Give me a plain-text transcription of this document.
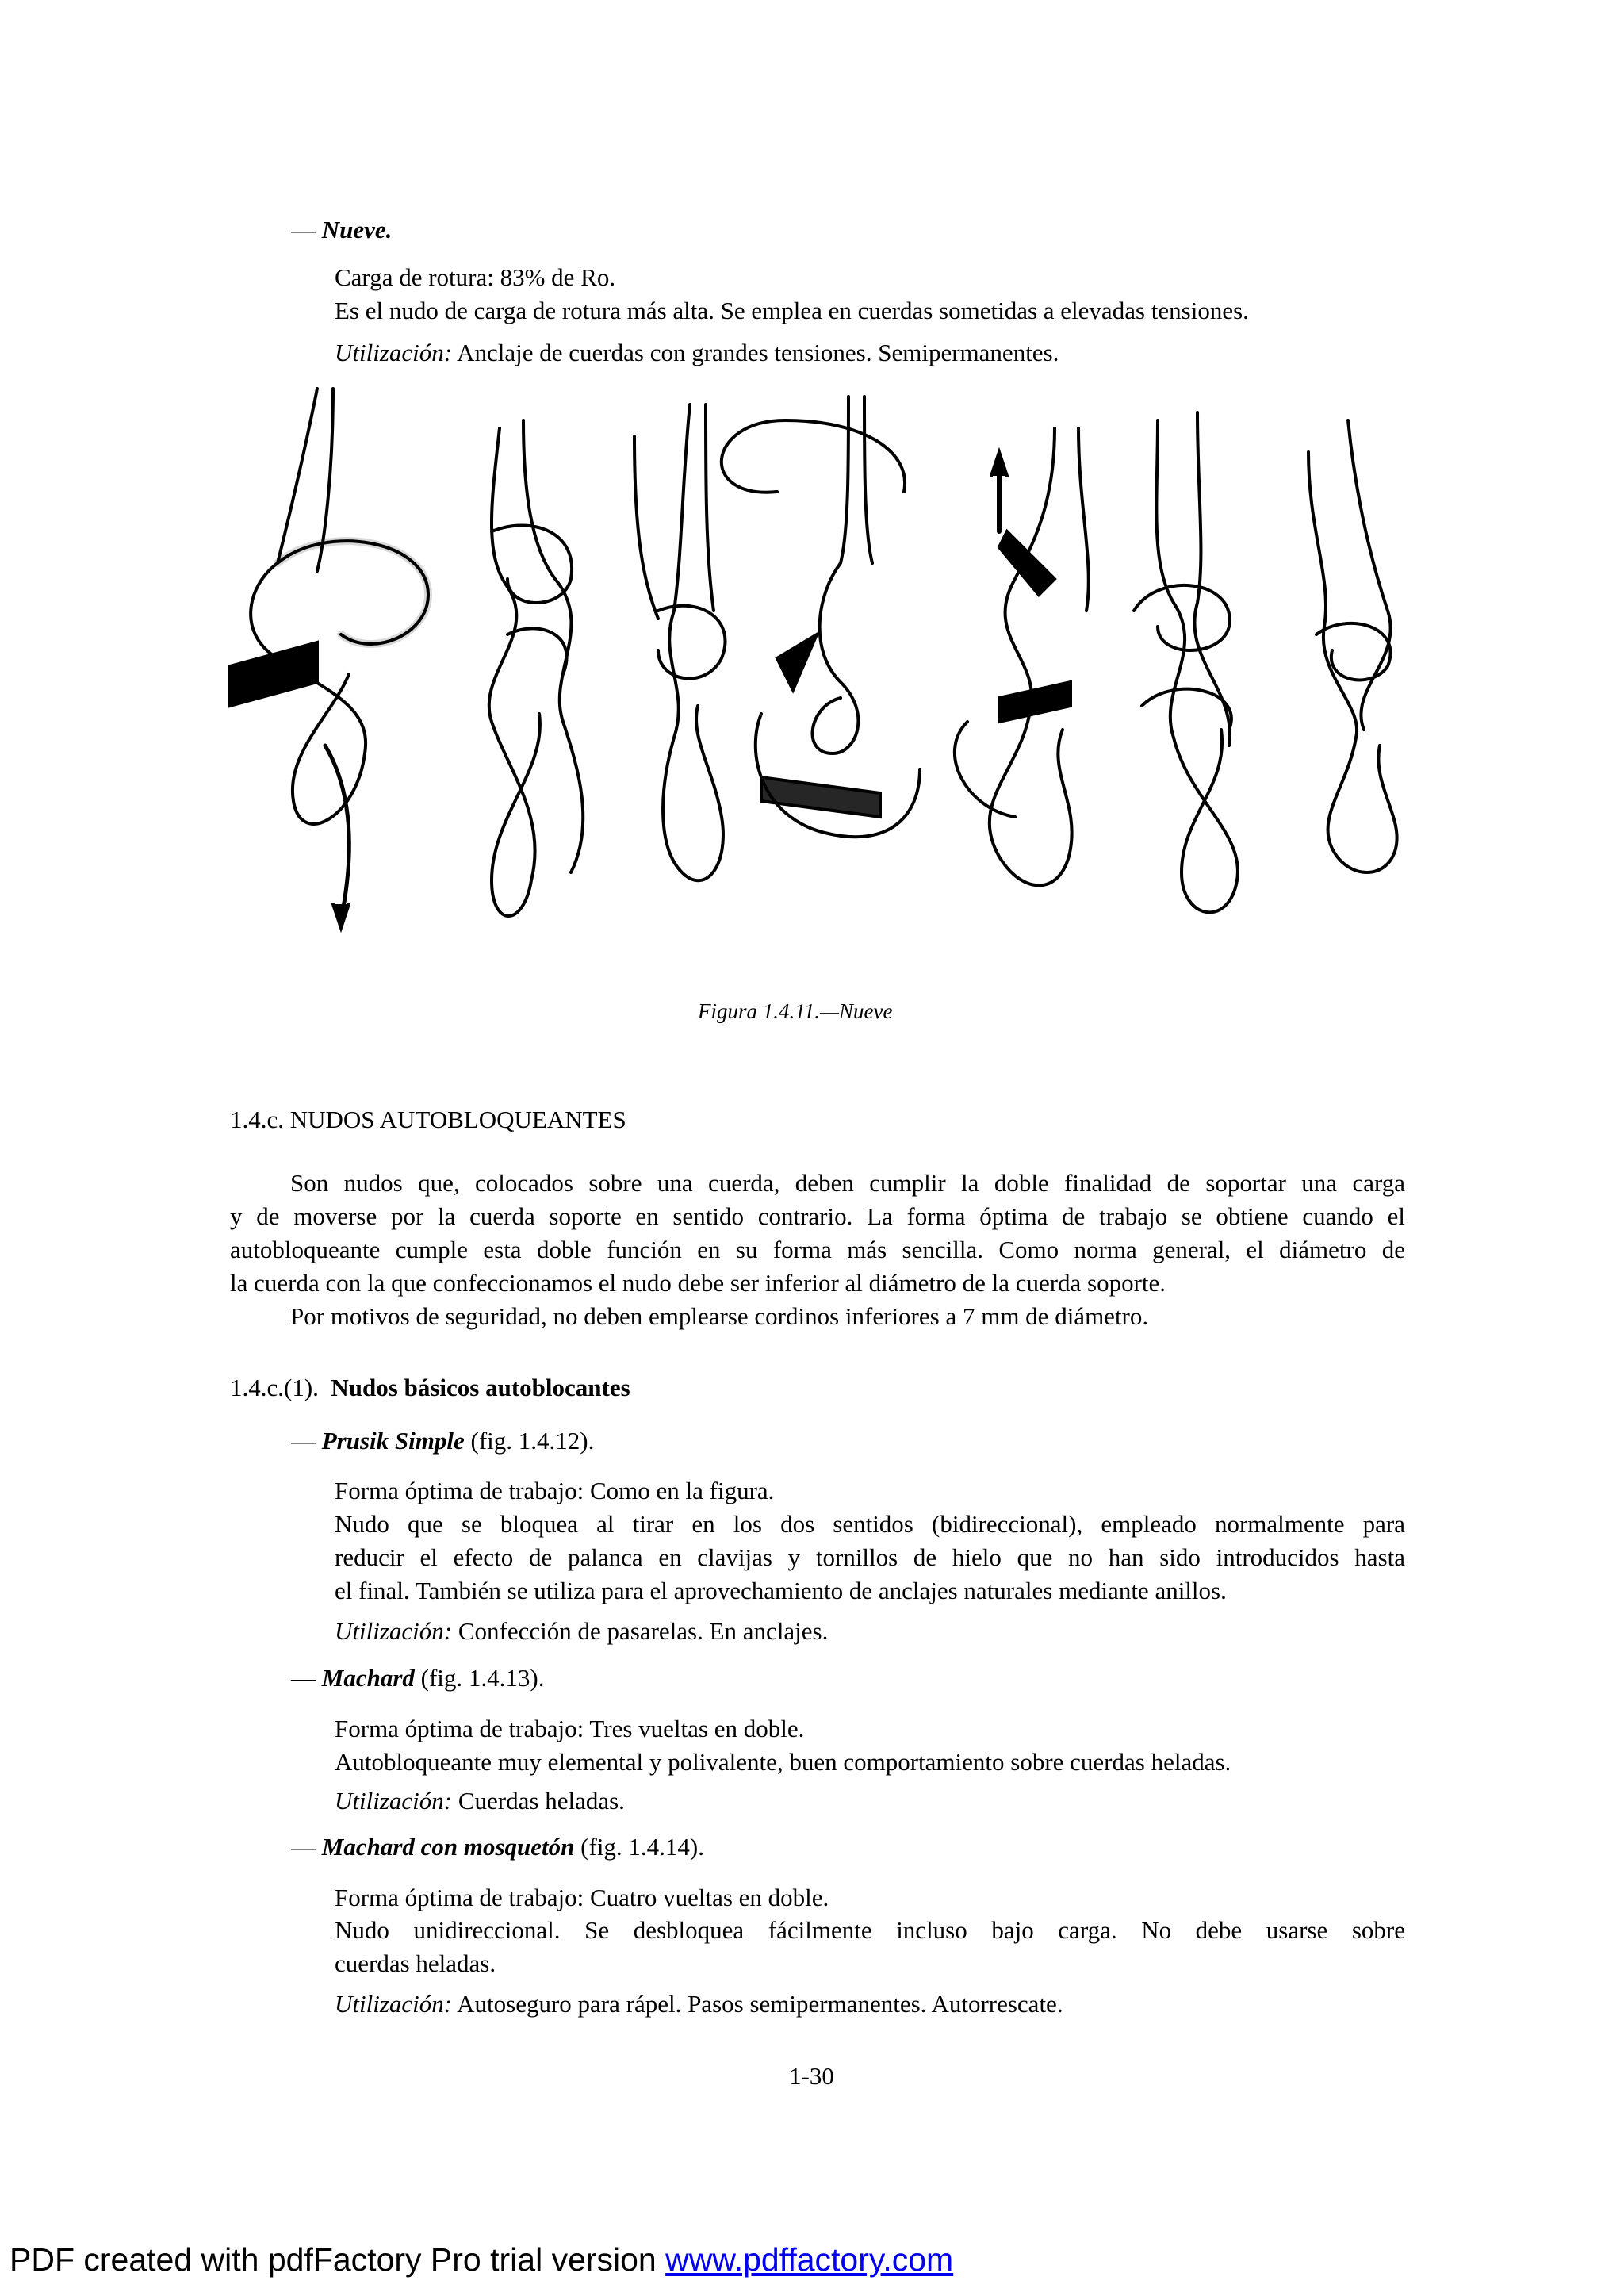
— Nueve.
Carga de rotura: 83% de Ro.
Es el nudo de carga de rotura más alta. Se emplea en cuerdas sometidas a elevadas tensiones.
Utilización: Anclaje de cuerdas con grandes tensiones. Semipermanentes.
Figura 1.4.11.—Nueve
1.4.c. NUDOS AUTOBLOQUEANTES
Son nudos que, colocados sobre una cuerda, deben cumplir la doble finalidad de soportar una carga
y de moverse por la cuerda soporte en sentido contrario. La forma óptima de trabajo se obtiene cuando el
autobloqueante cumple esta doble función en su forma más sencilla. Como norma general, el diámetro de
la cuerda con la que confeccionamos el nudo debe ser inferior al diámetro de la cuerda soporte.
Por motivos de seguridad, no deben emplearse cordinos inferiores a 7 mm de diámetro.
1.4.c.(1). Nudos básicos autoblocantes
— Prusik Simple (fig. 1.4.12).
Forma óptima de trabajo: Como en la figura.
Nudo que se bloquea al tirar en los dos sentidos (bidireccional), empleado normalmente para
reducir el efecto de palanca en clavijas y tornillos de hielo que no han sido introducidos hasta
el final. También se utiliza para el aprovechamiento de anclajes naturales mediante anillos.
Utilización: Confección de pasarelas. En anclajes.
— Machard (fig. 1.4.13).
Forma óptima de trabajo: Tres vueltas en doble.
Autobloqueante muy elemental y polivalente, buen comportamiento sobre cuerdas heladas.
Utilización: Cuerdas heladas.
— Machard con mosquetón (fig. 1.4.14).
Forma óptima de trabajo: Cuatro vueltas en doble.
Nudo unidireccional. Se desbloquea fácilmente incluso bajo carga. No debe usarse sobre
cuerdas heladas.
Utilización: Autoseguro para rápel. Pasos semipermanentes. Autorrescate.
1-30
PDF created with pdfFactory Pro trial version www.pdffactory.com
